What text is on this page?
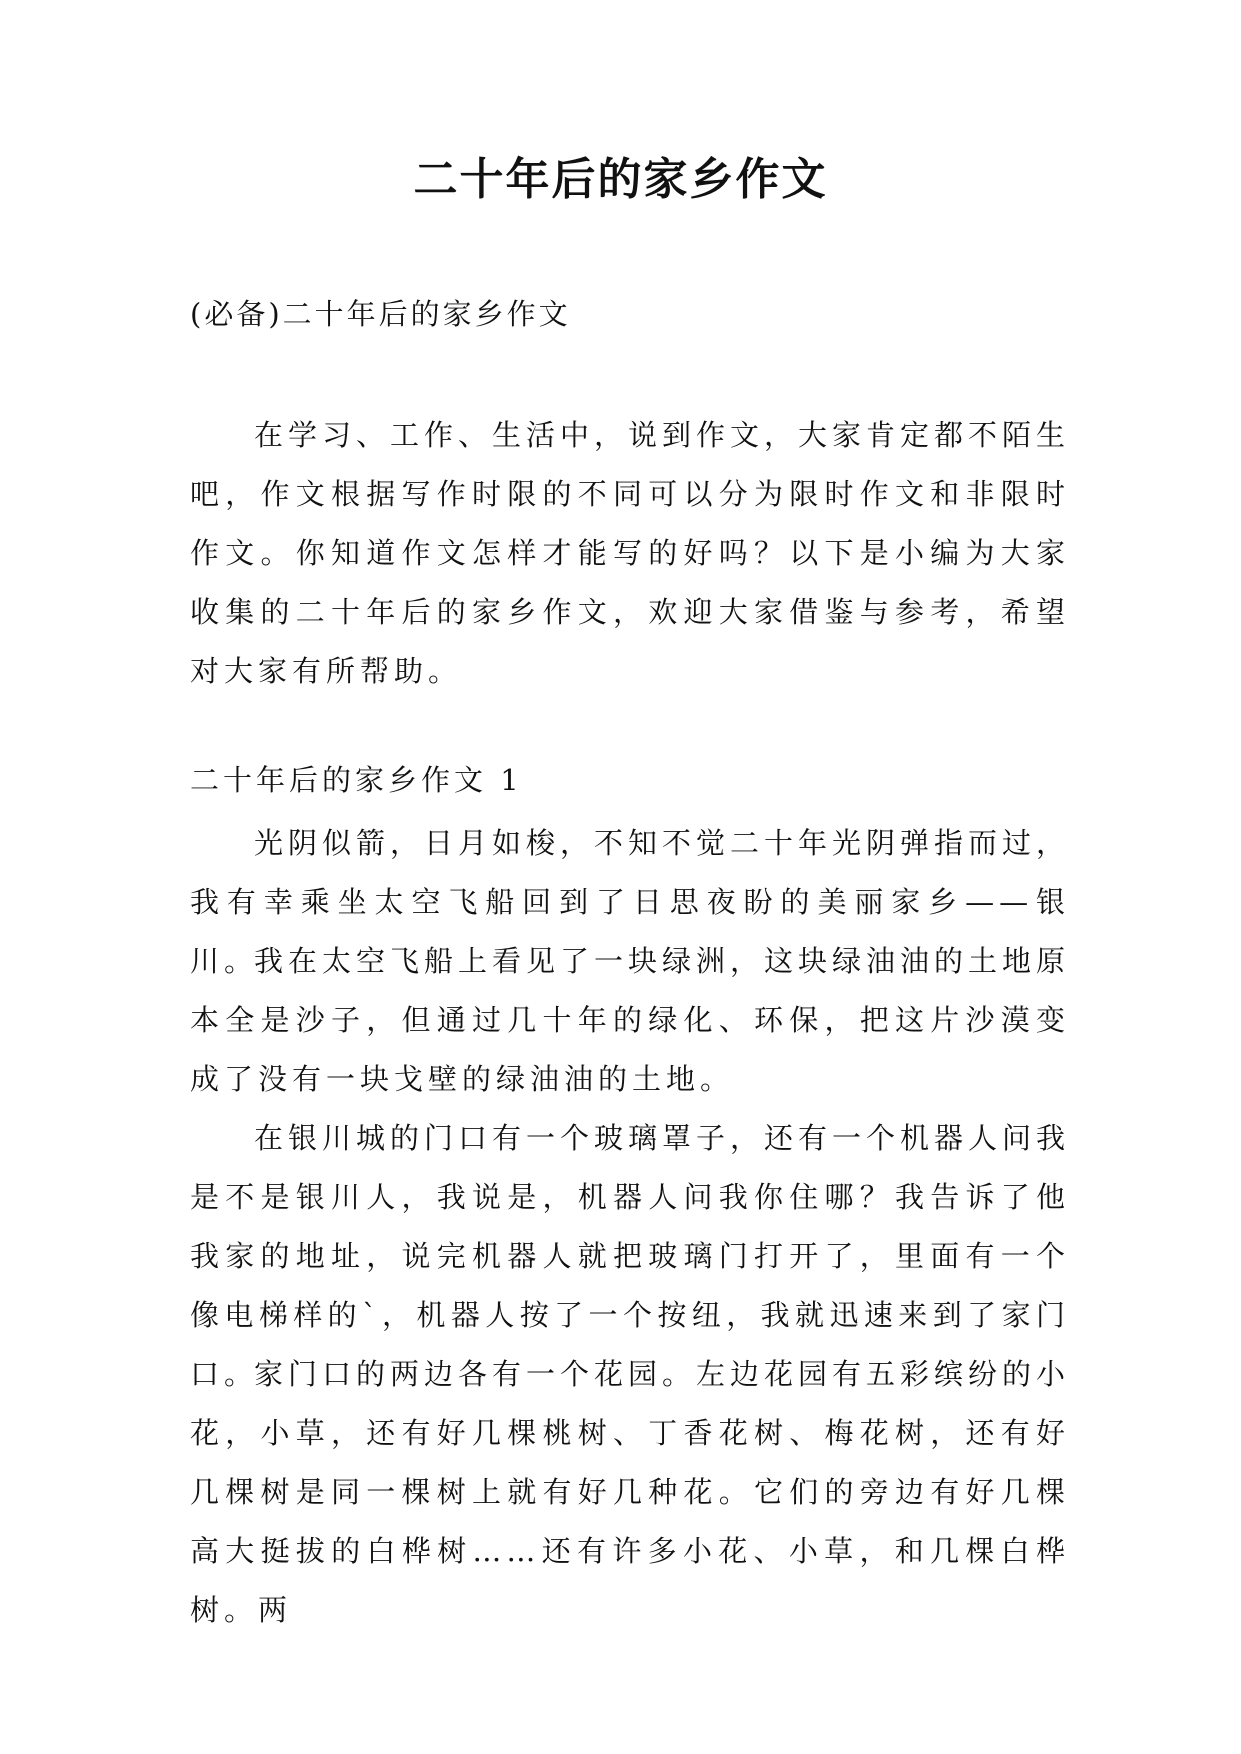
二十年后的家乡作文
(必备)二十年后的家乡作文

在学习、工作、生活中，说到作文，大家肯定都不陌生吧，作文根据写作时限的不同可以分为限时作文和非限时作文。你知道作文怎样才能写的好吗？以下是小编为大家收集的二十年后的家乡作文，欢迎大家借鉴与参考，希望对大家有所帮助。

二十年后的家乡作文 1

光阴似箭，日月如梭，不知不觉二十年光阴弹指而过，我有幸乘坐太空飞船回到了日思夜盼的美丽家乡——银川。

我在太空飞船上看见了一块绿洲，这块绿油油的土地原本全是沙子，但通过几十年的绿化、环保，把这片沙漠变成了没有一块戈壁的绿油油的土地。

在银川城的门口有一个玻璃罩子，还有一个机器人问我是不是银川人，我说是，机器人问我你住哪？我告诉了他我家的地址，说完机器人就把玻璃门打开了，里面有一个像电梯样的`，机器人按了一个按纽，我就迅速来到了家门口。

家门口的两边各有一个花园。左边花园有五彩缤纷的小花，小草，还有好几棵桃树、丁香花树、梅花树，还有好几棵树是同一棵树上就有好几种花。它们的旁边有好几棵高大挺拔的白桦树……还有许多小花、小草，和几棵白桦树。两
